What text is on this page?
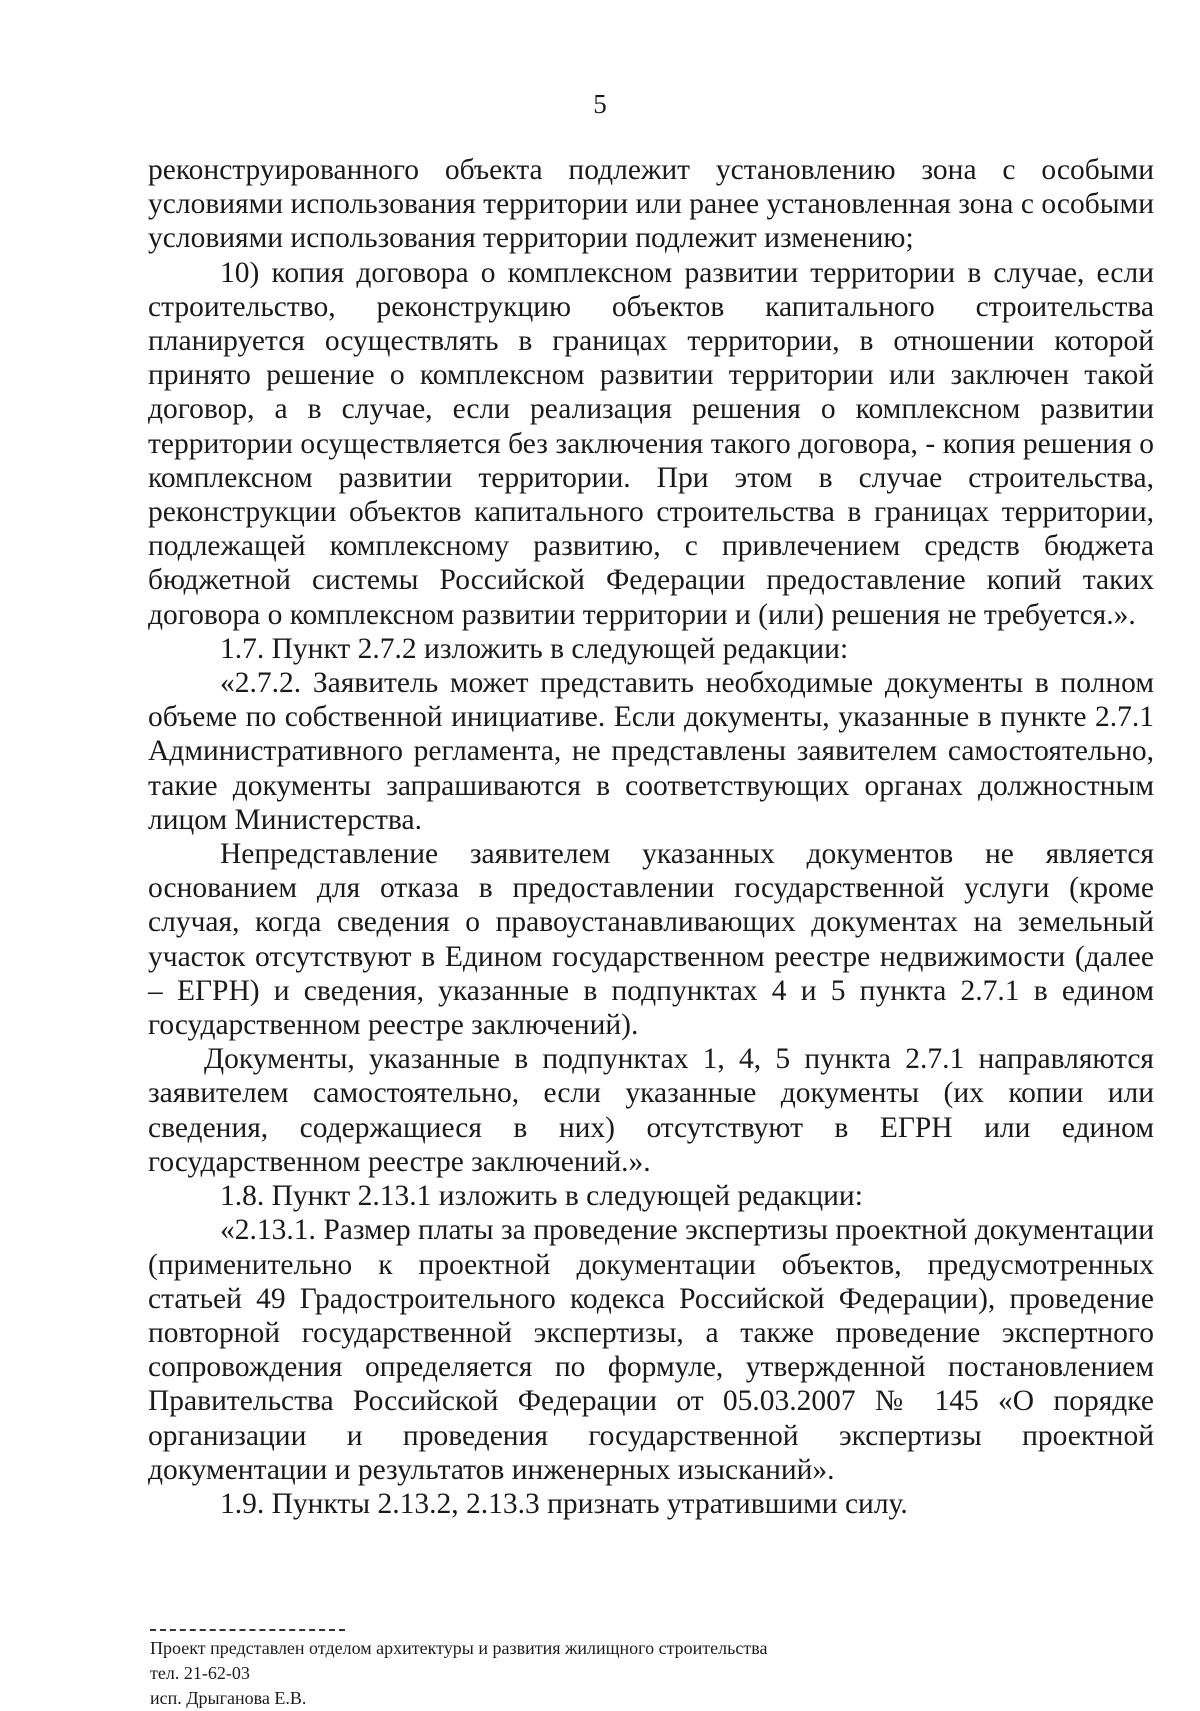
5

реконструированного объекта подлежит установлению зона с особыми условиями использования территории или ранее установленная зона с особыми условиями использования территории подлежит изменению;

10) копия договора о комплексном развитии территории в случае, если строительство, реконструкцию объектов капитального строительства планируется осуществлять в границах территории, в отношении которой принято решение о комплексном развитии территории или заключен такой договор, а в случае, если реализация решения о комплексном развитии территории осуществляется без заключения такого договора, - копия решения о комплексном развитии территории. При этом в случае строительства, реконструкции объектов капитального строительства в границах территории, подлежащей комплексному развитию, с привлечением средств бюджета бюджетной системы Российской Федерации предоставление копий таких договора о комплексном развитии территории и (или) решения не требуется.».

1.7. Пункт 2.7.2 изложить в следующей редакции:

«2.7.2. Заявитель может представить необходимые документы в полном объеме по собственной инициативе. Если документы, указанные в пункте 2.7.1 Административного регламента, не представлены заявителем самостоятельно, такие документы запрашиваются в соответствующих органах должностным лицом Министерства.

Непредставление заявителем указанных документов не является основанием для отказа в предоставлении государственной услуги (кроме случая, когда сведения о правоустанавливающих документах на земельный участок отсутствуют в Едином государственном реестре недвижимости (далее – ЕГРН) и сведения, указанные в подпунктах 4 и 5 пункта 2.7.1 в едином государственном реестре заключений).

Документы, указанные в подпунктах 1, 4, 5 пункта 2.7.1 направляются заявителем самостоятельно, если указанные документы (их копии или сведения, содержащиеся в них) отсутствуют в ЕГРН или едином государственном реестре заключений.».

1.8. Пункт 2.13.1 изложить в следующей редакции:

«2.13.1. Размер платы за проведение экспертизы проектной документации (применительно к проектной документации объектов, предусмотренных статьей 49 Градостроительного кодекса Российской Федерации), проведение повторной государственной экспертизы, а также проведение экспертного сопровождения определяется по формуле, утвержденной постановлением Правительства Российской Федерации от 05.03.2007 № 145 «О порядке организации и проведения государственной экспертизы проектной документации и результатов инженерных изысканий».

1.9. Пункты 2.13.2, 2.13.3 признать утратившими силу.

Проект представлен отделом архитектуры и развития жилищного строительства
тел. 21-62-03
исп. Дрыганова Е.В.
